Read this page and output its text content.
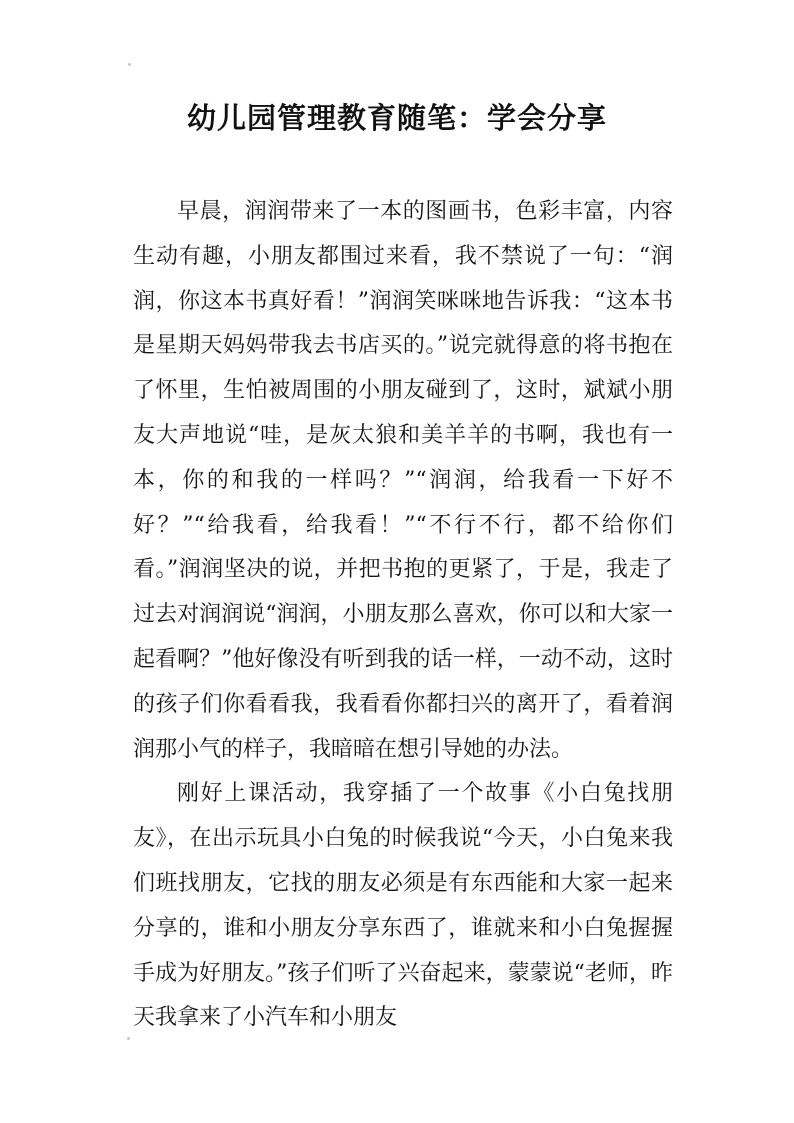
幼儿园管理教育随笔：学会分享

早晨，润润带来了一本的图画书，色彩丰富，内容生动有趣，小朋友都围过来看，我不禁说了一句：“润润，你这本书真好看！”润润笑咪咪地告诉我：“这本书是星期天妈妈带我去书店买的。”说完就得意的将书抱在了怀里，生怕被周围的小朋友碰到了，这时，斌斌小朋友大声地说“哇，是灰太狼和美羊羊的书啊，我也有一本，你的和我的一样吗？”“润润，给我看一下好不好？”“给我看，给我看！”“不行不行，都不给你们看。”润润坚决的说，并把书抱的更紧了，于是，我走了过去对润润说“润润，小朋友那么喜欢，你可以和大家一起看啊？”他好像没有听到我的话一样，一动不动，这时的孩子们你看看我，我看看你都扫兴的离开了，看着润润那小气的样子，我暗暗在想引导她的办法。

刚好上课活动，我穿插了一个故事《小白兔找朋友》，在出示玩具小白兔的时候我说“今天，小白兔来我们班找朋友，它找的朋友必须是有东西能和大家一起来分享的，谁和小朋友分享东西了，谁就来和小白兔握握手成为好朋友。”孩子们听了兴奋起来，蒙蒙说“老师，昨天我拿来了小汽车和小朋友
